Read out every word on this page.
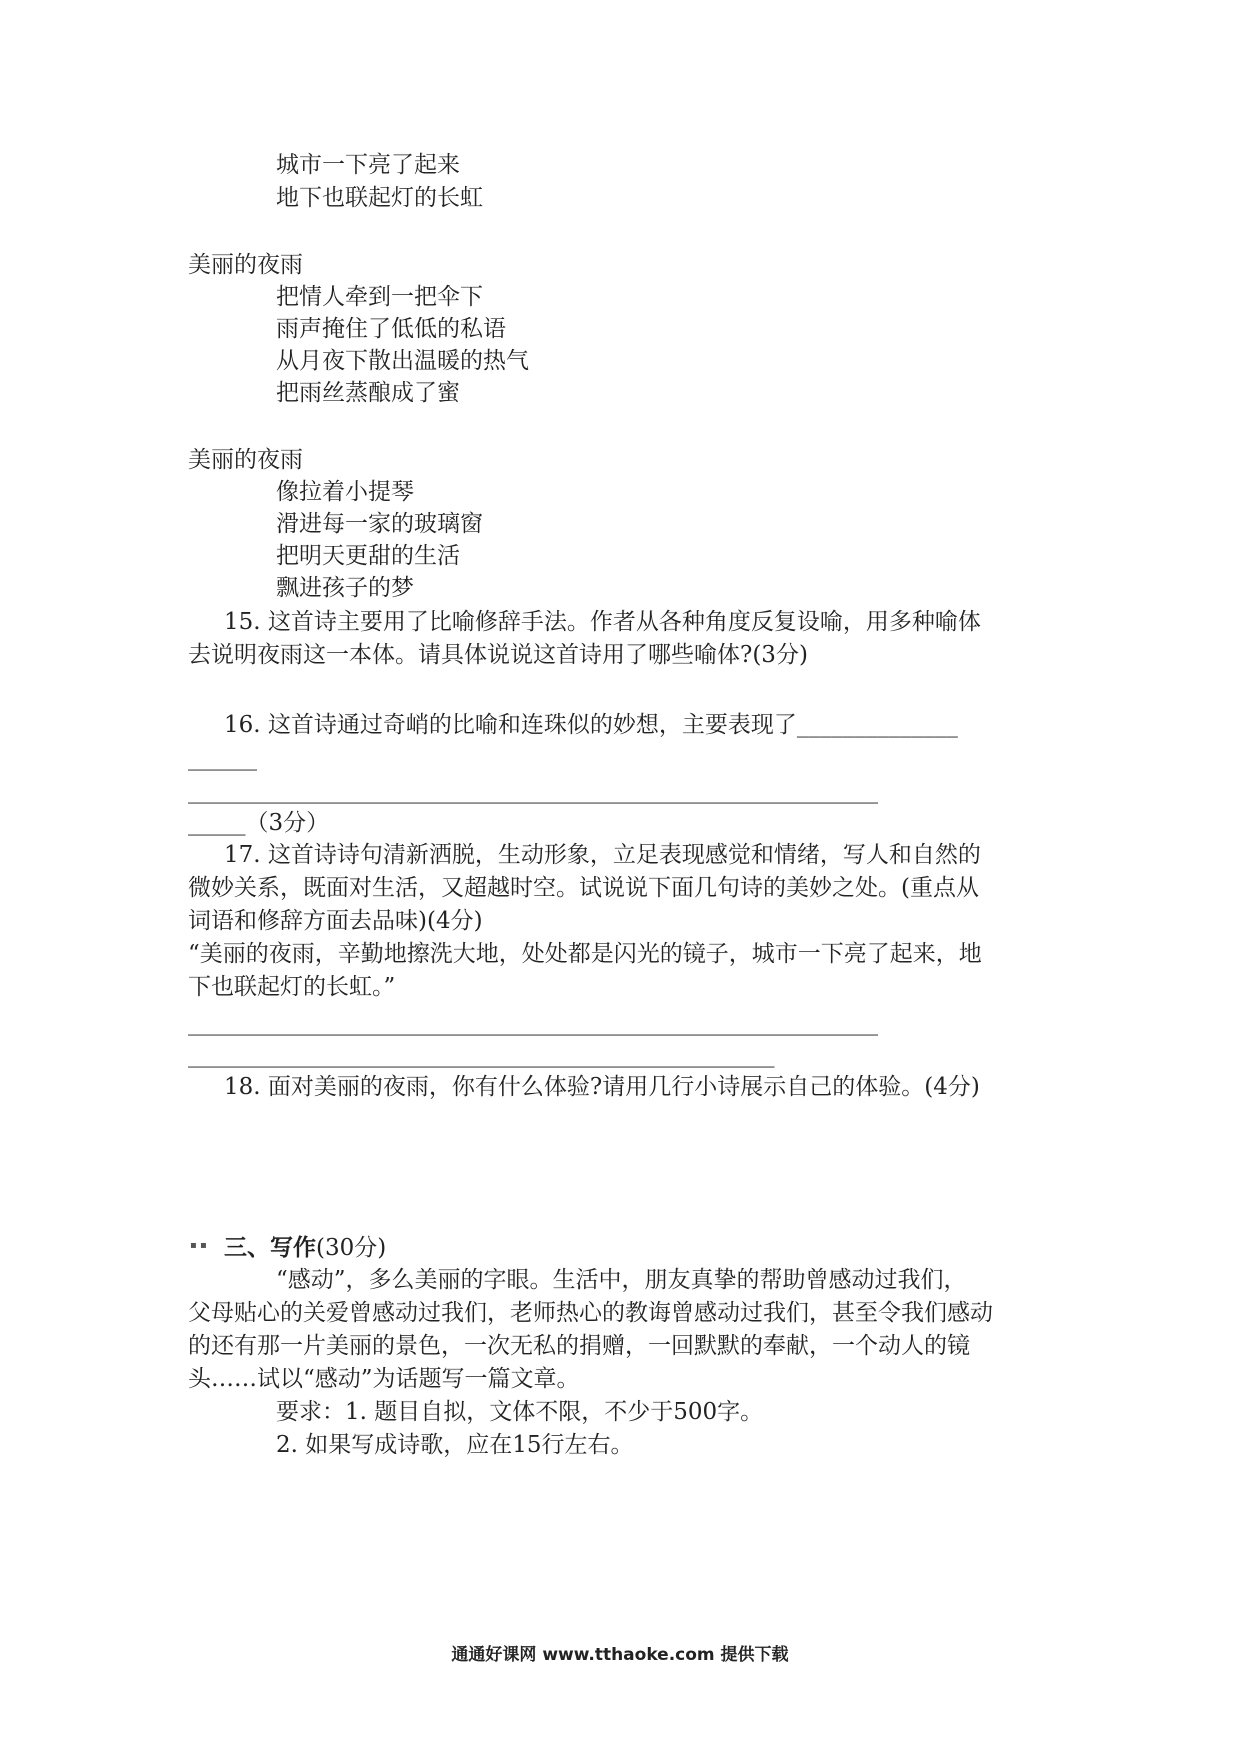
城市一下亮了起来
地下也联起灯的长虹
美丽的夜雨
把情人牵到一把伞下
雨声掩住了低低的私语
从月夜下散出温暖的热气
把雨丝蒸酿成了蜜
美丽的夜雨
像拉着小提琴
滑进每一家的玻璃窗
把明天更甜的生活
飘进孩子的梦
15. 这首诗主要用了比喻修辞手法。作者从各种角度反复设喻，用多种喻体
去说明夜雨这一本体。请具体说说这首诗用了哪些喻体?(3分)
16. 这首诗通过奇峭的比喻和连珠似的妙想，主要表现了______________
______
____________________________________________________________
_____（3分）
17. 这首诗诗句清新洒脱，生动形象，立足表现感觉和情绪，写人和自然的
微妙关系，既面对生活，又超越时空。试说说下面几句诗的美妙之处。(重点从
词语和修辞方面去品味)(4分)
“美丽的夜雨，辛勤地擦洗大地，处处都是闪光的镜子，城市一下亮了起来，地
下也联起灯的长虹。”
____________________________________________________________
___________________________________________________
18. 面对美丽的夜雨，你有什么体验?请用几行小诗展示自己的体验。(4分)
▪ ▪ 三、写作(30分)
“感动”，多么美丽的字眼。生活中，朋友真挚的帮助曾感动过我们，
父母贴心的关爱曾感动过我们，老师热心的教诲曾感动过我们，甚至令我们感动
的还有那一片美丽的景色，一次无私的捐赠，一回默默的奉献，一个动人的镜
头……试以“感动”为话题写一篇文章。
要求：1. 题目自拟，文体不限，不少于500字。
2. 如果写成诗歌，应在15行左右。
通通好课网 www.tthaoke.com 提供下载
